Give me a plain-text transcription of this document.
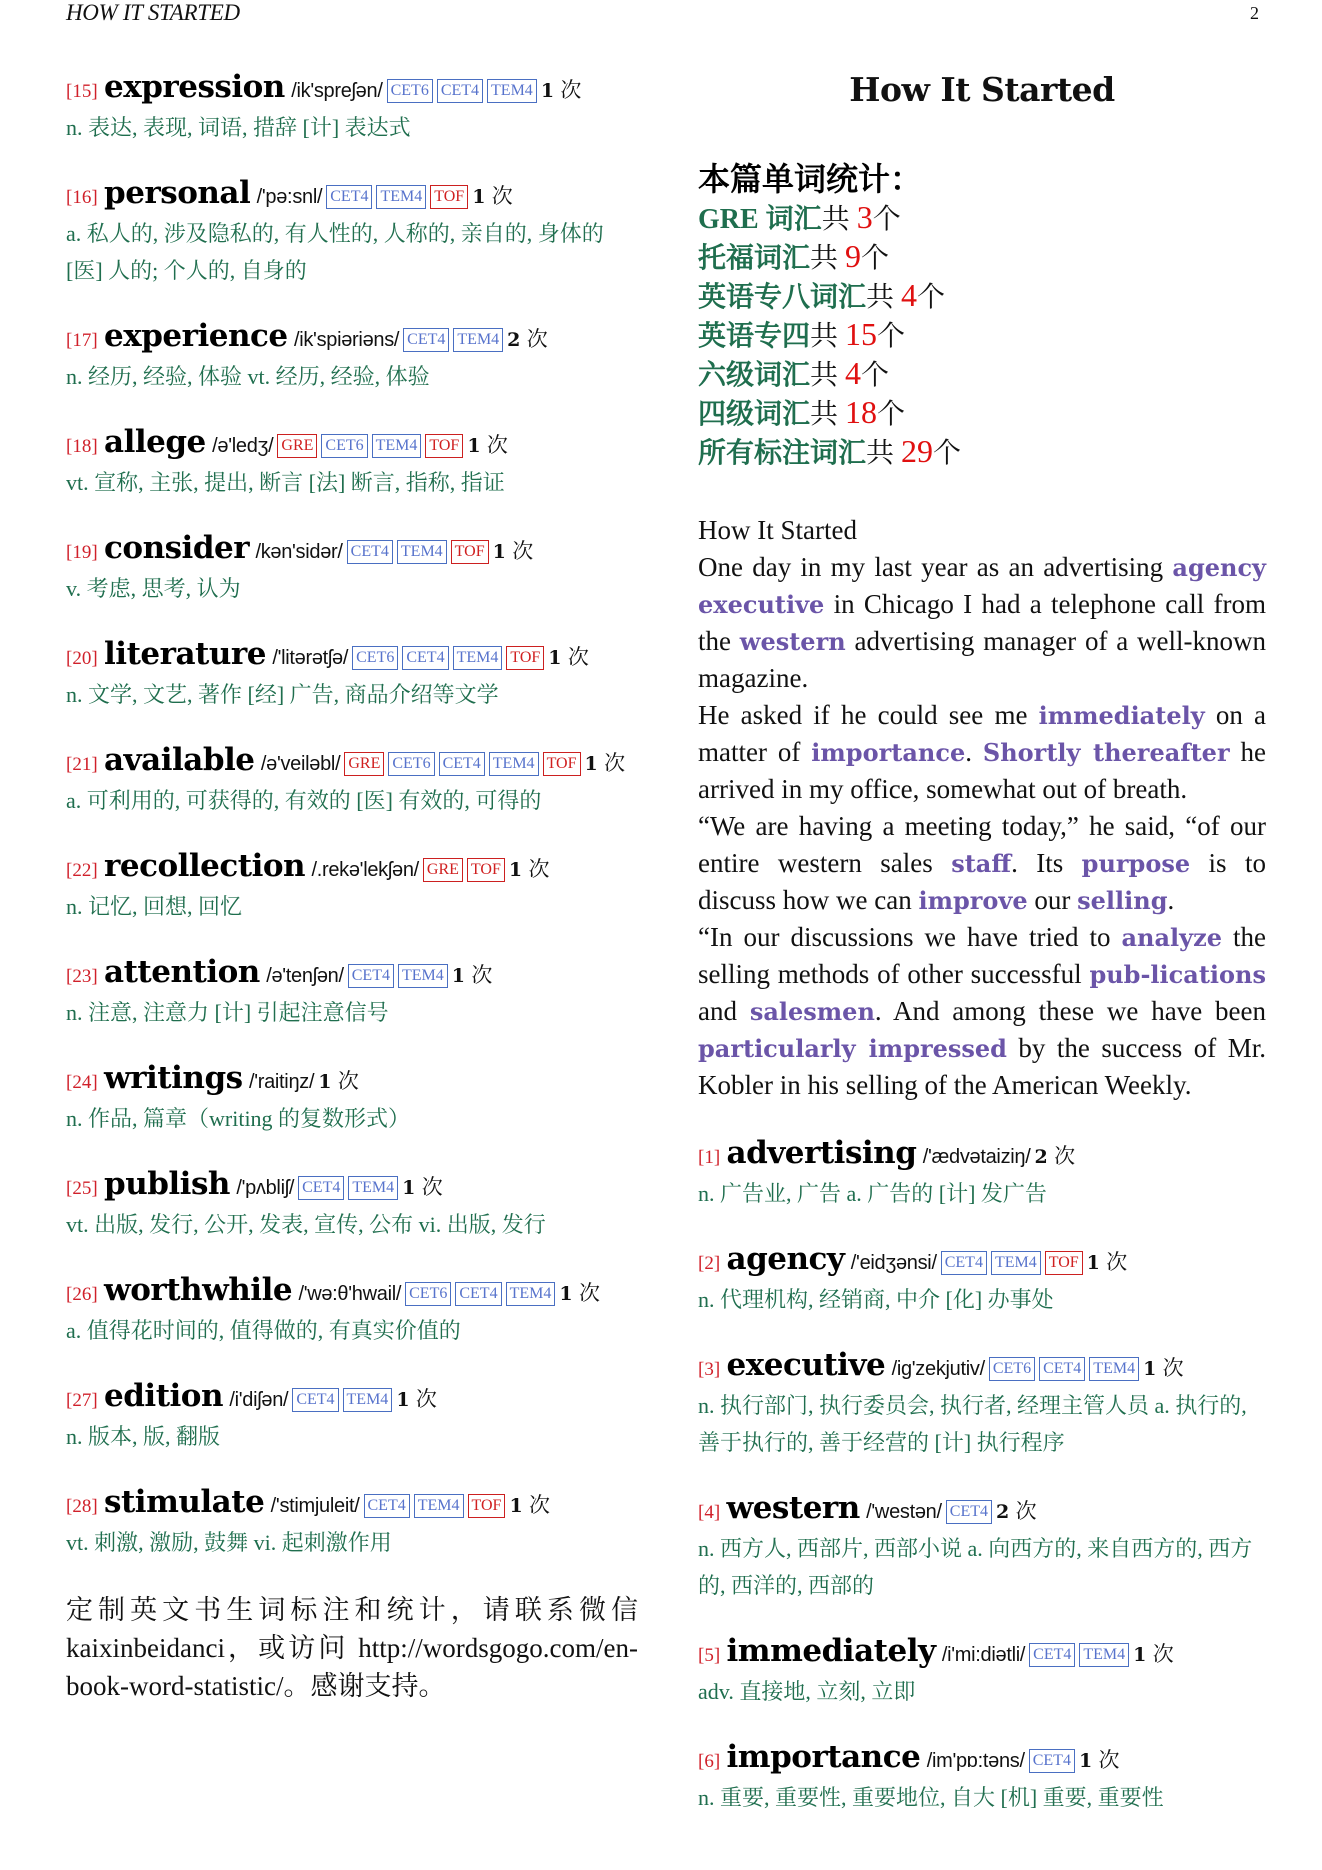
HOW IT STARTED	2
[15] expression /ik'spreʃən/ CET6 CET4 TEM4 1 次
n. 表达, 表现, 词语, 措辞 [计] 表达式
[16] personal /'pə:snl/ CET4 TEM4 TOF 1 次
a. 私人的, 涉及隐私的, 有人性的, 人称的, 亲自的, 身体的 [医] 人的; 个人的, 自身的
[17] experience /ik'spiəriəns/ CET4 TEM4 2 次
n. 经历, 经验, 体验 vt. 经历, 经验, 体验
[18] allege /ə'ledʒ/ GRE CET6 TEM4 TOF 1 次
vt. 宣称, 主张, 提出, 断言 [法] 断言, 指称, 指证
[19] consider /kən'sidər/ CET4 TEM4 TOF 1 次
v. 考虑, 思考, 认为
[20] literature /'litərətʃə/ CET6 CET4 TEM4 TOF 1 次
n. 文学, 文艺, 著作 [经] 广告, 商品介绍等文学
[21] available /ə'veiləbl/ GRE CET6 CET4 TEM4 TOF 1 次
a. 可利用的, 可获得的, 有效的 [医] 有效的, 可得的
[22] recollection /.rekə'lekʃən/ GRE TOF 1 次
n. 记忆, 回想, 回忆
[23] attention /ə'tenʃən/ CET4 TEM4 1 次
n. 注意, 注意力 [计] 引起注意信号
[24] writings /'raitiŋz/ 1 次
n. 作品, 篇章（writing 的复数形式）
[25] publish /'pʌbliʃ/ CET4 TEM4 1 次
vt. 出版, 发行, 公开, 发表, 宣传, 公布 vi. 出版, 发行
[26] worthwhile /'wə:θ'hwail/ CET6 CET4 TEM4 1 次
a. 值得花时间的, 值得做的, 有真实价值的
[27] edition /i'diʃən/ CET4 TEM4 1 次
n. 版本, 版, 翻版
[28] stimulate /'stimjuleit/ CET4 TEM4 TOF 1 次
vt. 刺激, 激励, 鼓舞 vi. 起刺激作用
定制英文书生词标注和统计，请联系微信 kaixinbeidanci，或访问 http://wordsgogo.com/en-book-word-statistic/。感谢支持。
How It Started
本篇单词统计：
GRE 词汇共 3个
托福词汇共 9个
英语专八词汇共 4个
英语专四共 15个
六级词汇共 4个
四级词汇共 18个
所有标注词汇共 29个

How It Started

One day in my last year as an advertising agency executive in Chicago I had a telephone call from the western advertising manager of a well-known magazine.

He asked if he could see me immediately on a matter of importance. Shortly thereafter he arrived in my office, somewhat out of breath.

“We are having a meeting today,” he said, “of our entire western sales staff. Its purpose is to discuss how we can improve our selling.

“In our discussions we have tried to analyze the selling methods of other successful pub-lications and salesmen. And among these we have been particularly impressed by the success of Mr. Kobler in his selling of the American Weekly.

[1] advertising /'ædvətaiziŋ/ 2 次
n. 广告业, 广告 a. 广告的 [计] 发广告
[2] agency /'eidʒənsi/ CET4 TEM4 TOF 1 次
n. 代理机构, 经销商, 中介 [化] 办事处
[3] executive /ig'zekjutiv/ CET6 CET4 TEM4 1 次
n. 执行部门, 执行委员会, 执行者, 经理主管人员 a. 执行的, 善于执行的, 善于经营的 [计] 执行程序
[4] western /'westən/ CET4 2 次
n. 西方人, 西部片, 西部小说 a. 向西方的, 来自西方的, 西方的, 西洋的, 西部的
[5] immediately /i'mi:diətli/ CET4 TEM4 1 次
adv. 直接地, 立刻, 立即
[6] importance /im'pɒ:təns/ CET4 1 次
n. 重要, 重要性, 重要地位, 自大 [机] 重要, 重要性
